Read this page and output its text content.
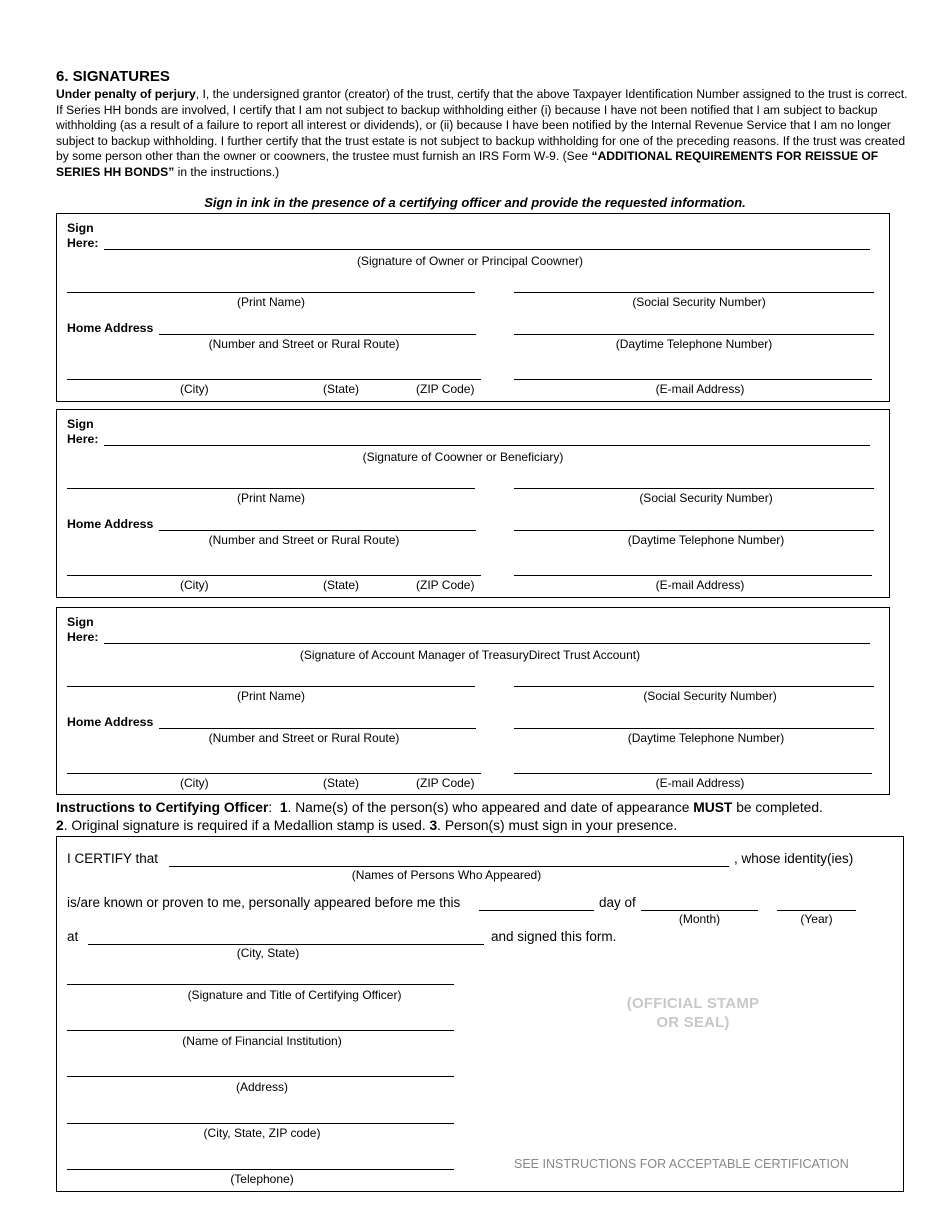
6. SIGNATURES
Under penalty of perjury, I, the undersigned grantor (creator) of the trust, certify that the above Taxpayer Identification Number assigned to the trust is correct. If Series HH bonds are involved, I certify that I am not subject to backup withholding either (i) because I have not been notified that I am subject to backup withholding (as a result of a failure to report all interest or dividends), or (ii) because I have been notified by the Internal Revenue Service that I am no longer subject to backup withholding. I further certify that the trust estate is not subject to backup withholding for one of the preceding reasons. If the trust was created by some person other than the owner or coowners, the trustee must furnish an IRS Form W-9. (See “ADDITIONAL REQUIREMENTS FOR REISSUE OF SERIES HH BONDS” in the instructions.)
Sign in ink in the presence of a certifying officer and provide the requested information.
Sign
Here:
(Signature of Owner or Principal Coowner)
(Print Name)	(Social Security Number)
Home Address
(Number and Street or Rural Route)	(Daytime Telephone Number)
(City)	(State)	(ZIP Code)	(E-mail Address)
Sign
Here:
(Signature of Coowner or Beneficiary)
(Print Name)	(Social Security Number)
Home Address
(Number and Street or Rural Route)	(Daytime Telephone Number)
(City)	(State)	(ZIP Code)	(E-mail Address)
Sign
Here:
(Signature of Account Manager of TreasuryDirect Trust Account)
(Print Name)	(Social Security Number)
Home Address
(Number and Street or Rural Route)	(Daytime Telephone Number)
(City)	(State)	(ZIP Code)	(E-mail Address)
Instructions to Certifying Officer:  1. Name(s) of the person(s) who appeared and date of appearance MUST be completed.
2. Original signature is required if a Medallion stamp is used. 3. Person(s) must sign in your presence.
I CERTIFY that	, whose identity(ies)
(Names of Persons Who Appeared)
is/are known or proven to me, personally appeared before me this	day of
(Month)	(Year)
at	and signed this form.
(City, State)
(Signature and Title of Certifying Officer)
(Name of Financial Institution)
(Address)
(City, State, ZIP code)
(Telephone)
(OFFICIAL STAMP
OR SEAL)
SEE INSTRUCTIONS FOR ACCEPTABLE CERTIFICATION
